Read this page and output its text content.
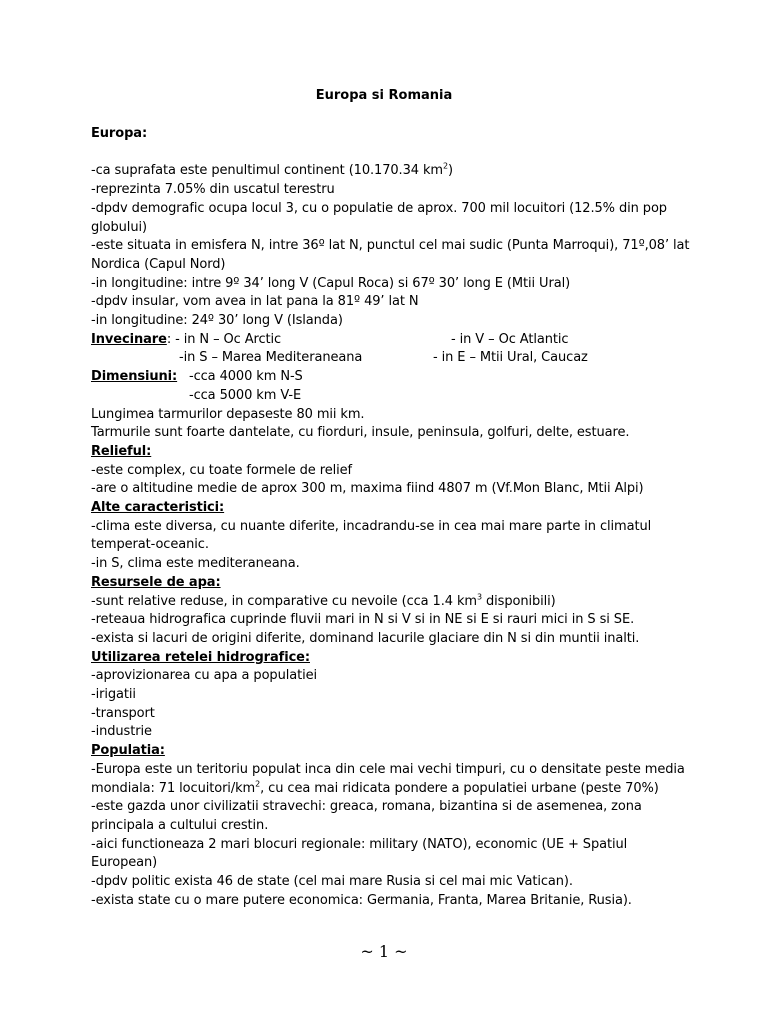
Europa si Romania
Europa:
-ca suprafata este penultimul continent (10.170.34 $km^2$)
-reprezinta 7.05% din uscatul terestru
-dpdv demografic ocupa locul 3, cu o populatie de aprox. 700 mil locuitori (12.5% din pop globului)
-este situata in emisfera N, intre 36º lat N, punctul cel mai sudic (Punta Marroqui), 71º,08’ lat Nordica (Capul Nord)
-in longitudine: intre 9º 34’ long V (Capul Roca) si 67º 30’ long E (Mtii Ural)
-dpdv insular, vom avea in lat pana la 81º 49’ lat N
-in longitudine: 24º 30’ long V (Islanda)
Invecinare: - in N – Oc Arctic	- in V – Oc Atlantic
-in S – Marea Mediteraneana	- in E – Mtii Ural, Caucaz
Dimensiuni: -cca 4000 km N-S
-cca 5000 km V-E
Lungimea tarmurilor depaseste 80 mii km.
Tarmurile sunt foarte dantelate, cu fiorduri, insule, peninsula, golfuri, delte, estuare.
Relieful:
-este complex, cu toate formele de relief
-are o altitudine medie de aprox 300 m, maxima fiind 4807 m (Vf.Mon Blanc, Mtii Alpi)
Alte caracteristici:
-clima este diversa, cu nuante diferite, incadrandu-se in cea mai mare parte in climatul temperat-oceanic.
-in S, clima este mediteraneana.
Resursele de apa:
-sunt relative reduse, in comparative cu nevoile (cca 1.4 $km^3$ disponibili)
-reteaua hidrografica cuprinde fluvii mari in N si V si in NE si E si rauri mici in S si SE.
-exista si lacuri de origini diferite, dominand lacurile glaciare din N si din muntii inalti.
Utilizarea retelei hidrografice:
-aprovizionarea cu apa a populatiei
-irigatii
-transport
-industrie
Populatia:
-Europa este un teritoriu populat inca din cele mai vechi timpuri, cu o densitate peste media mondiala: 71 locuitori/$km^2$, cu cea mai ridicata pondere a populatiei urbane (peste 70%)
-este gazda unor civilizatii stravechi: greaca, romana, bizantina si de asemenea, zona principala a cultului crestin.
-aici functioneaza 2 mari blocuri regionale: military (NATO), economic (UE + Spatiul European)
-dpdv politic exista 46 de state (cel mai mare Rusia si cel mai mic Vatican).
-exista state cu o mare putere economica: Germania, Franta, Marea Britanie, Rusia).
~ 1 ~
